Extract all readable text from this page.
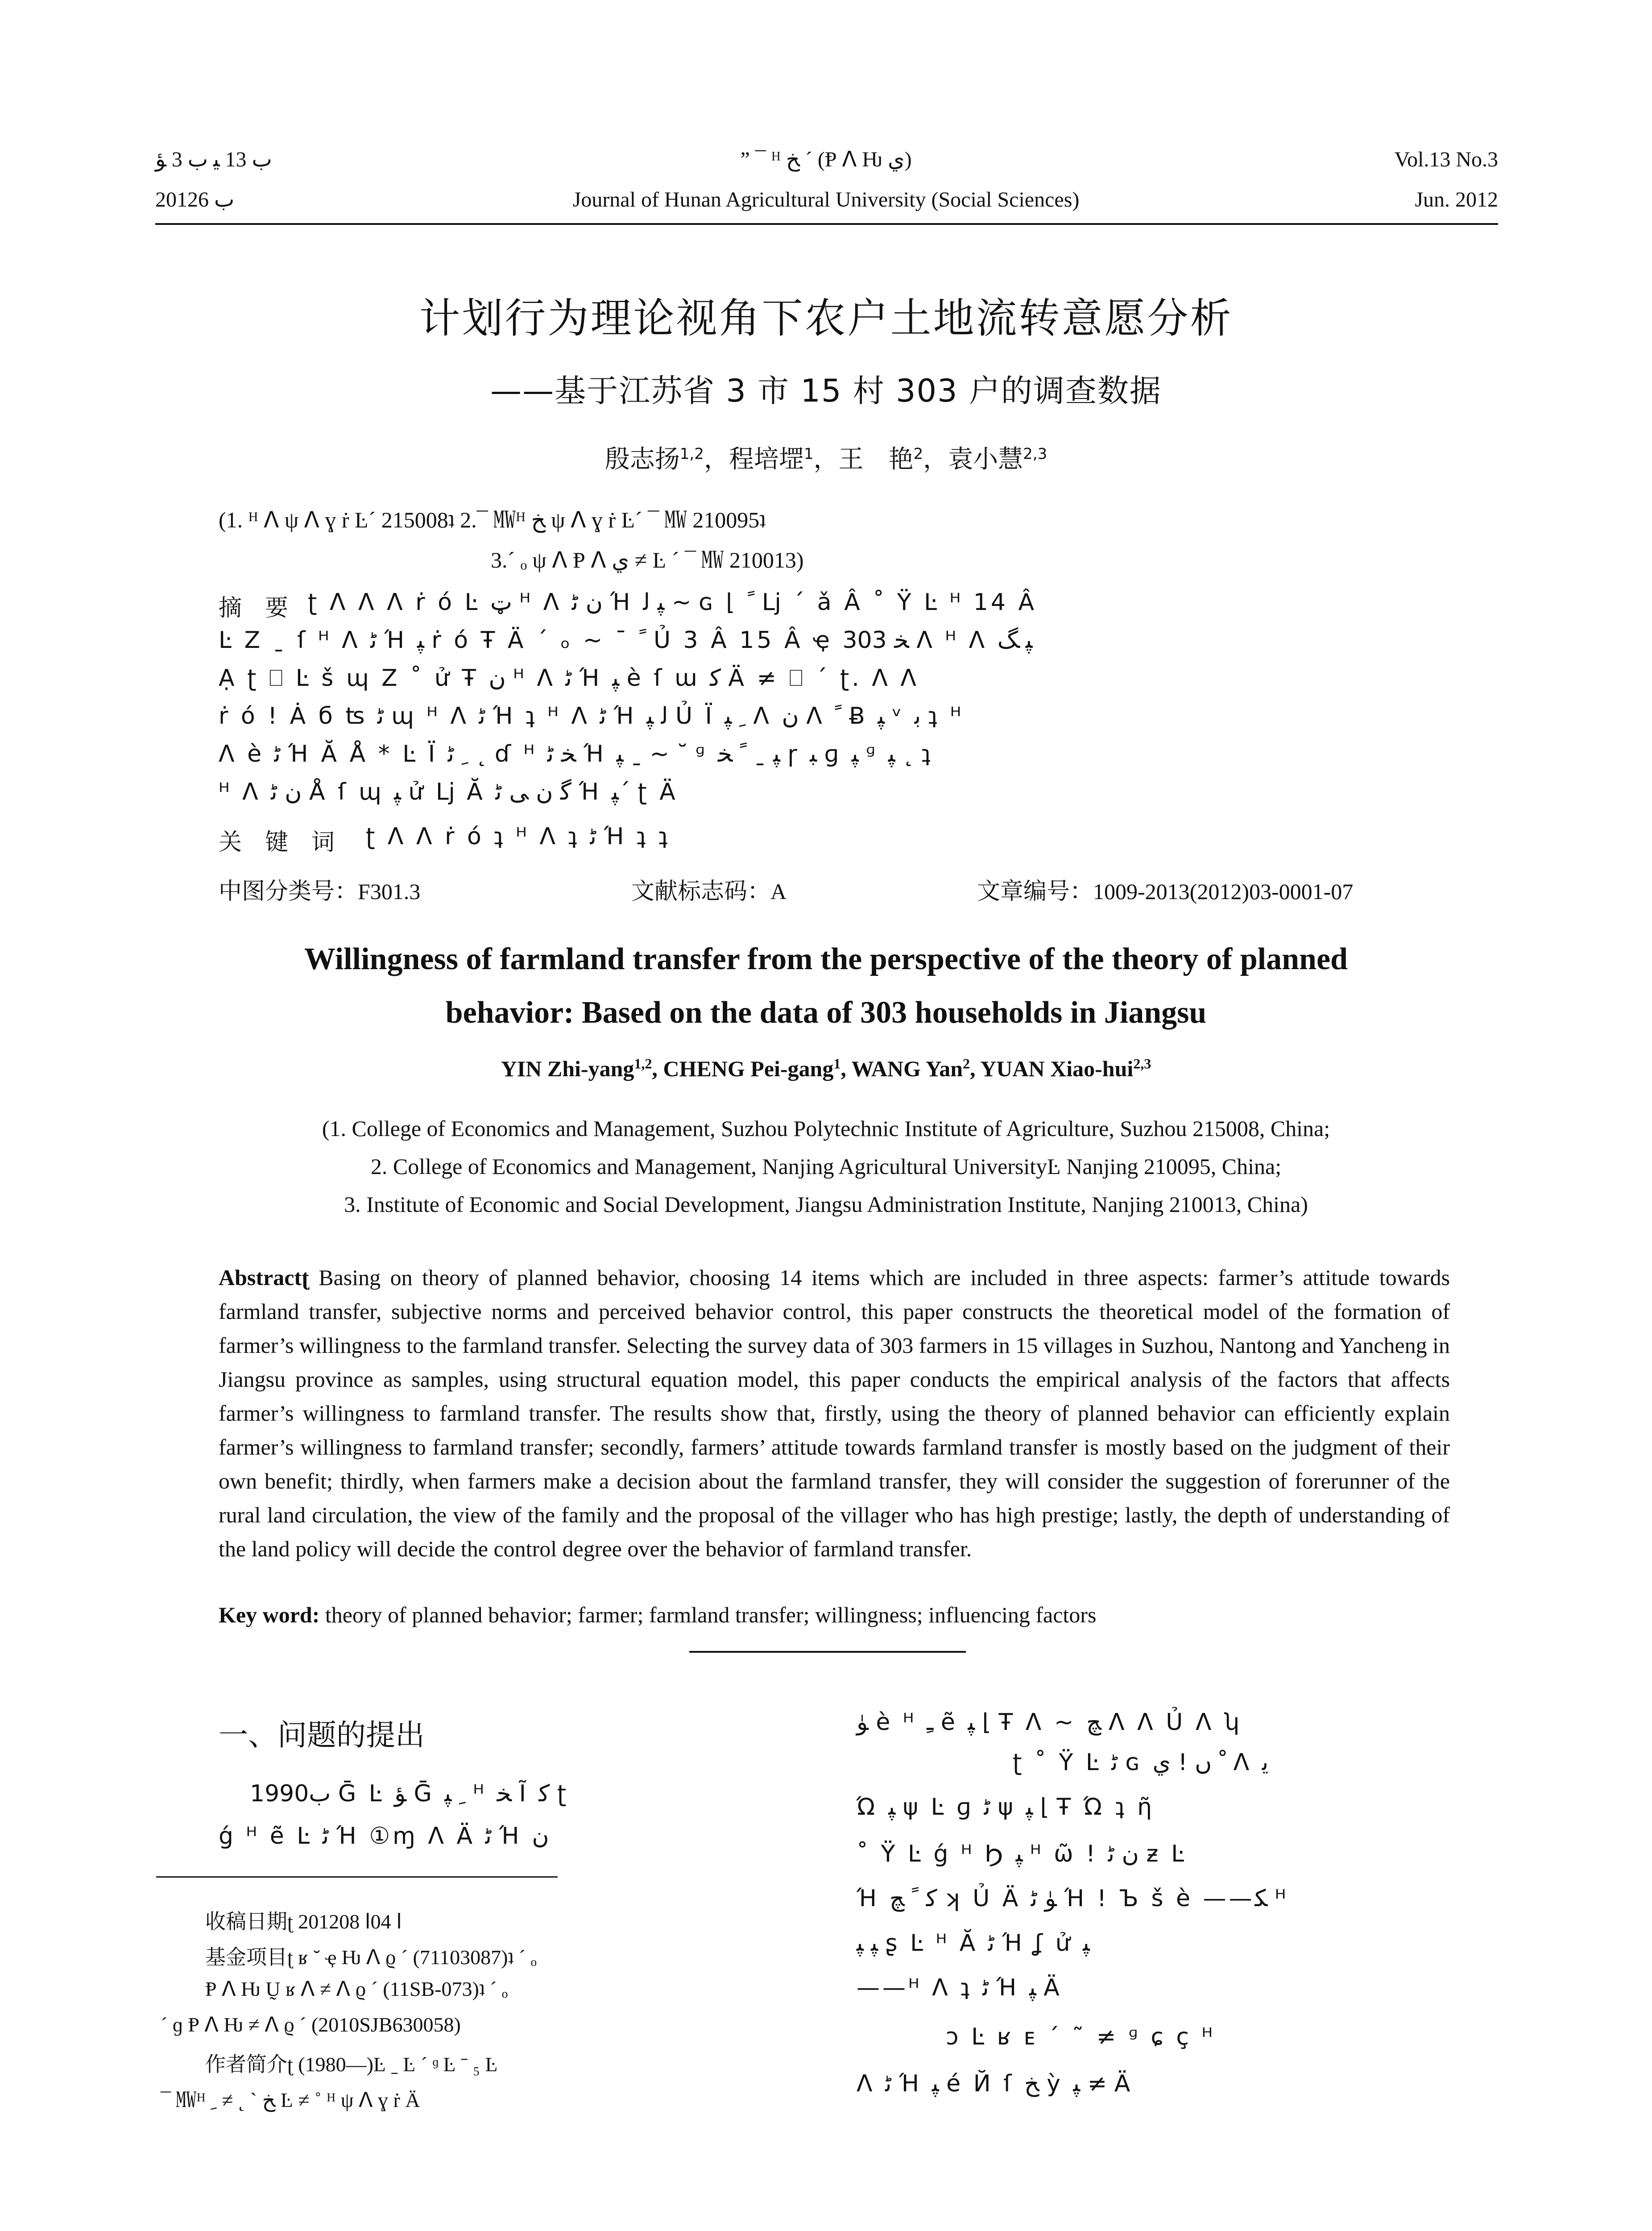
ب 13 ﻴ ب 3 ﺆ
2012ﺏ 6
” ¯ ᴴ ﺦ ˊ (Ᵽ ꓥ Ƕ ﻱ)
Journal of Hunan Agricultural University (Social Sciences)
Vol.13 No.3
Jun. 2012
计划行为理论视角下农户土地流转意愿分析
——基于江苏省 3 市 15 村 303 户的调查数据
殷志扬$^{1,2}$，程培堽$^1$，王　艳$^2$，袁小慧$^{2,3}$
(1. ᴴ ꓥ ψ ꓥ ɣ ṙ Ŀˊ 215008ʇ 2.¯ ㎿ᴴ ﺦ ψ ꓥ ɣ ṙ Ŀˊ ¯ ㎿ 210095ʇ
3.ˊ ₒ ψ ꓥ Ᵽ ꓥ ﻱ ≠ Ŀ ˊ ¯ ㎿ 210013)
摘　要 ʈ ꓥ ꓥ ꓥ ṙ ó Ŀ ټ ᴴ ꓥ ﻥ ﮢ Ή ﭙ ﻟ ~ ɢ ⌊ ﹰ ǈ ˊ ǎ Â ˚ Ÿ Ŀ ᴴ 14 Â
Ŀ Z ˍ ſ ᴴ ꓥ ﮢ Ή ﭙ ṙ ó Ŧ Ä ˊ ₒ ~ ¯ ﹰ Ủ 3 Â 15 Â ҿ ﺨ 303 ꓥ ᴴ ꓥ ﭙ ﮓ
Ạ ʈ ⎕ Ŀ š ɰ Z ˚ ử Ŧ ﻥ ᴴ ꓥ ﮢ Ή ﭙ è ſ ɯ ﮐ Ä ≠ ⎕ ˊ ʈ. ꓥ ꓥ
ṙ ó ! Ȧ б ʦ ﮢ ɰ ᴴ ꓥ ﮢ Ή ʇ ᴴ ꓥ ﮢ Ή ﻟ ﭙ Ủ Ї ﹺ ﭙ ꓥ ﻥ ꓥ ﹰ Ƀ ﭙ ᵛ ﺑ ʇ ᴴ
ꓥ è ﮢ Ή Ă Å * Ŀ Ï ﹺ ﮢ ˛ ɗ ᴴ ﺨ ﮢ Ή ﭙ ˍ ~ ˘ ᶢ ﭙ ˍ ﹰ ﺨ ɼ ﺒ ɡ ﭙ ᶢ ﭙ ˛ ʇ
ᴴ ꓥ ﻥ ﮢ Å ſ ɰ ﭙ ử ǈ Ă ﮔ ﻥ ﯽ ﮢ Ή ﭙˊ ʈ Ä
关　键　词 ʈ ꓥ ꓥ ṙ ó ʇ ᴴ ꓥ ʇ ﮢ Ή ʇ ʇ
中图分类号：F301.3	文献标志码：A	文章编号：1009-2013(2012)03-0001-07
Willingness of farmland transfer from the perspective of the theory of planned
behavior: Based on the data of 303 households in Jiangsu
YIN Zhi-yang$^{1,2}$, CHENG Pei-gang$^1$, WANG Yan$^2$, YUAN Xiao-hui$^{2,3}$
(1. College of Economics and Management, Suzhou Polytechnic Institute of Agriculture, Suzhou 215008, China;
2. College of Economics and Management, Nanjing Agricultural UniversityĿ Nanjing 210095, China;
3. Institute of Economic and Social Development, Jiangsu Administration Institute, Nanjing 210013, China)
Abstractʈ Basing on theory of planned behavior, choosing 14 items which are included in three aspects: farmer’s attitude towards farmland transfer, subjective norms and perceived behavior control, this paper constructs the theoretical model of the formation of farmer’s willingness to the farmland transfer. Selecting the survey data of 303 farmers in 15 villages in Suzhou, Nantong and Yancheng in Jiangsu province as samples, using structural equation model, this paper conducts the empirical analysis of the factors that affects farmer’s willingness to farmland transfer. The results show that, firstly, using the theory of planned behavior can efficiently explain farmer’s willingness to farmland transfer; secondly, farmers’ attitude towards farmland transfer is mostly based on the judgment of their own benefit; thirdly, when farmers make a decision about the farmland transfer, they will consider the suggestion of forerunner of the rural land circulation, the view of the family and the proposal of the villager who has high prestige; lastly, the depth of understanding of the land policy will decide the control degree over the behavior of farmland transfer.
Key word: theory of planned behavior; farmer; farmland transfer; willingness; influencing factors
一、问题的提出
1990ﺏ Ḡ Ŀ ﺆ Ḡ ﹺ ﭙ ᴴ ﺨ Ĩ ﮐ ʈ
ǵ ᴴ ẽ Ŀ ﮢ Ή ①ɱ ꓥ Ä ﮢ Ή ﻥ
收稿日期ʈ 2012ﺍ 04ﺍ 08
基金项目ʈ ʁ ˘ ҿ Ƕ ꓥ ϱ ˊ (71103087)ʇ ˊ ₒ
Ᵽ ꓥ Ƕ Ṵ ʁ ꓥ ≠ ꓥ ϱ ˊ (11SB-073)ʇ ˊ ₒ
ˊ ɡ Ᵽ ꓥ Ƕ ≠ ꓥ ϱ ˊ (2010SJB630058)
作者简介ʈ (1980—)Ŀ ˍ Ŀ ˊ ᶢ Ŀ ˉ ₅ Ŀ
¯ ㎿ᴴ ﺦ ˋ ˛ ≠ ﹺ Ŀ ≠ ˚ ᴴ ψ ꓥ ɣ ṙ Ä
ﯜ è ᴴ ﹻ ẽ ﭙ ⌊ Ŧ ꓥ ~ ﭻ ꓥ ꓥ Ủ ꓥ ʮ
ʈ ˚ Ÿ Ŀ ﮢ ɢ ﹾ ﮞ ! ﻱ ꓥ ﻳ
Ώ ﭙ ψ Ŀ ɡ ﮢ ψ ﭙ ⌊ Ŧ Ώ ʇ ῆ
˚ Ÿ Ŀ ǵ ᴴ Ϧ ﭙ ᴴ ῶ ! ﻥ ﮢ ƶ Ŀ
Ή ﮐ ﹰ ﭻ ʞ Ủ Ä ﯜ ﮢ Ή ! Ъ š è ——ﮑ ᴴ
ﭙ ﭙ ʂ Ŀ ᴴ Ă ﮢ Ή ʆ ử ﭙ
——ᴴ ꓥ ʇ ﮢ Ή ﭙ Ä
ɔ Ŀ ʁ ᴇ ˊ ˜ ≠ ᶢ ɕ ç ᴴ
ꓥ ﮢ Ή ﭙ é Й ſ ﺦ ỳ ﭙ ≠ Ä
